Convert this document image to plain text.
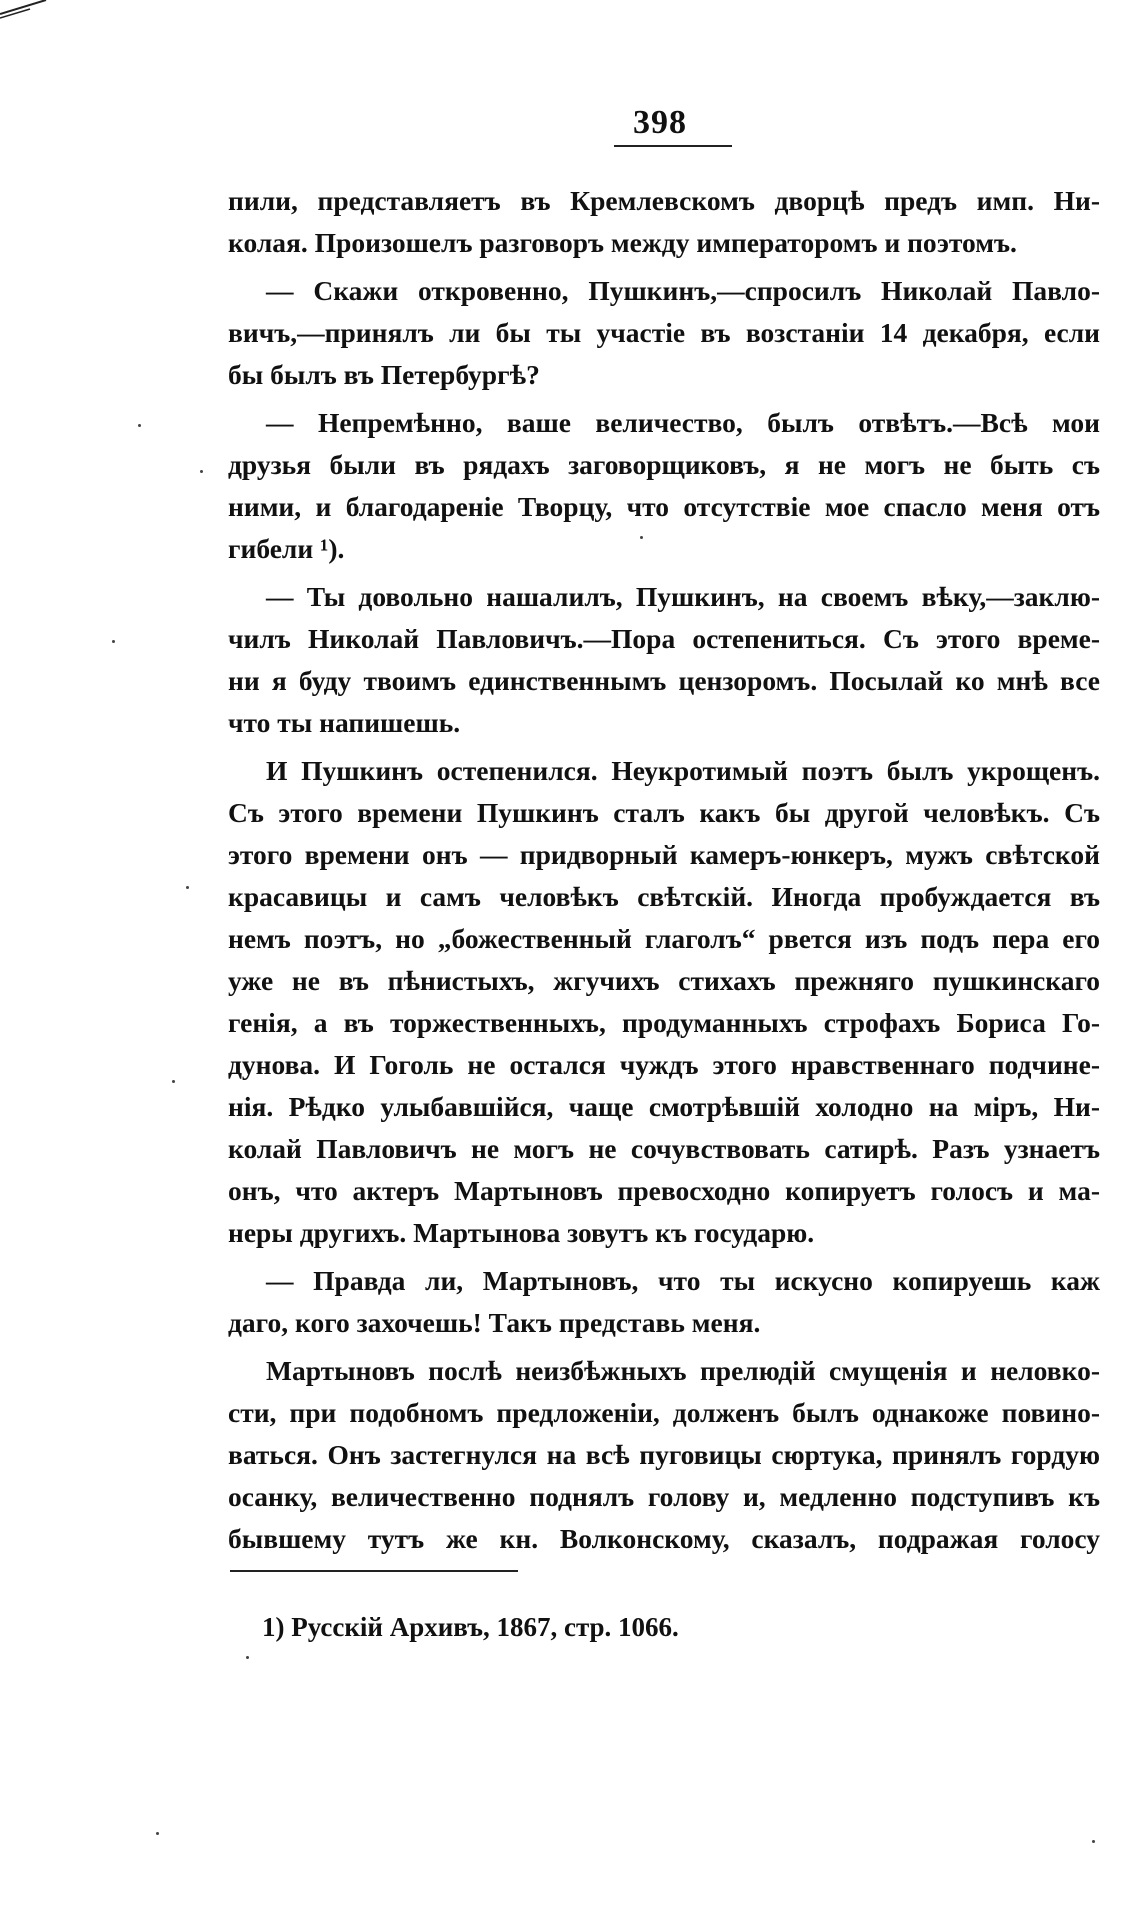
398
пили, представляетъ въ Кремлевскомъ дворцѣ предъ имп. Ни-
колая. Произошелъ разговоръ между императоромъ и поэтомъ.
— Скажи откровенно, Пушкинъ,—спросилъ Николай Павло-
вичъ,—принялъ ли бы ты участіе въ возстаніи 14 декабря, если
бы былъ въ Петербургѣ?
— Непремѣнно, ваше величество, былъ отвѣтъ.—Всѣ мои
друзья были въ рядахъ заговорщиковъ, я не могъ не быть съ
ними, и благодареніе Творцу, что отсутствіе мое спасло меня отъ
гибели ¹).
— Ты довольно нашалилъ, Пушкинъ, на своемъ вѣку,—заклю-
чилъ Николай Павловичъ.—Пора остепениться. Съ этого време-
ни я буду твоимъ единственнымъ цензоромъ. Посылай ко мнѣ все
что ты напишешь.
И Пушкинъ остепенился. Неукротимый поэтъ былъ укрощенъ.
Съ этого времени Пушкинъ сталъ какъ бы другой человѣкъ. Съ
этого времени онъ — придворный камеръ-юнкеръ, мужъ свѣтской
красавицы и самъ человѣкъ свѣтскій. Иногда пробуждается въ
немъ поэтъ, но „божественный глаголъ“ рвется изъ подъ пера его
уже не въ пѣнистыхъ, жгучихъ стихахъ прежняго пушкинскаго
генія, а въ торжественныхъ, продуманныхъ строфахъ Бориса Го-
дунова. И Гоголь не остался чуждъ этого нравственнаго подчине-
нія. Рѣдко улыбавшійся, чаще смотрѣвшій холодно на міръ, Ни-
колай Павловичъ не могъ не сочувствовать сатирѣ. Разъ узнаетъ
онъ, что актеръ Мартыновъ превосходно копируетъ голосъ и ма-
неры другихъ. Мартынова зовутъ къ государю.
— Правда ли, Мартыновъ, что ты искусно копируешь каж
даго, кого захочешь! Такъ представь меня.
Мартыновъ послѣ неизбѣжныхъ прелюдій смущенія и неловко-
сти, при подобномъ предложеніи, долженъ былъ однакоже повино-
ваться. Онъ застегнулся на всѣ пуговицы сюртука, принялъ гордую
осанку, величественно поднялъ голову и, медленно подступивъ къ
бывшему тутъ же кн. Волконскому, сказалъ, подражая голосу
1) Русскій Архивъ, 1867, стр. 1066.
